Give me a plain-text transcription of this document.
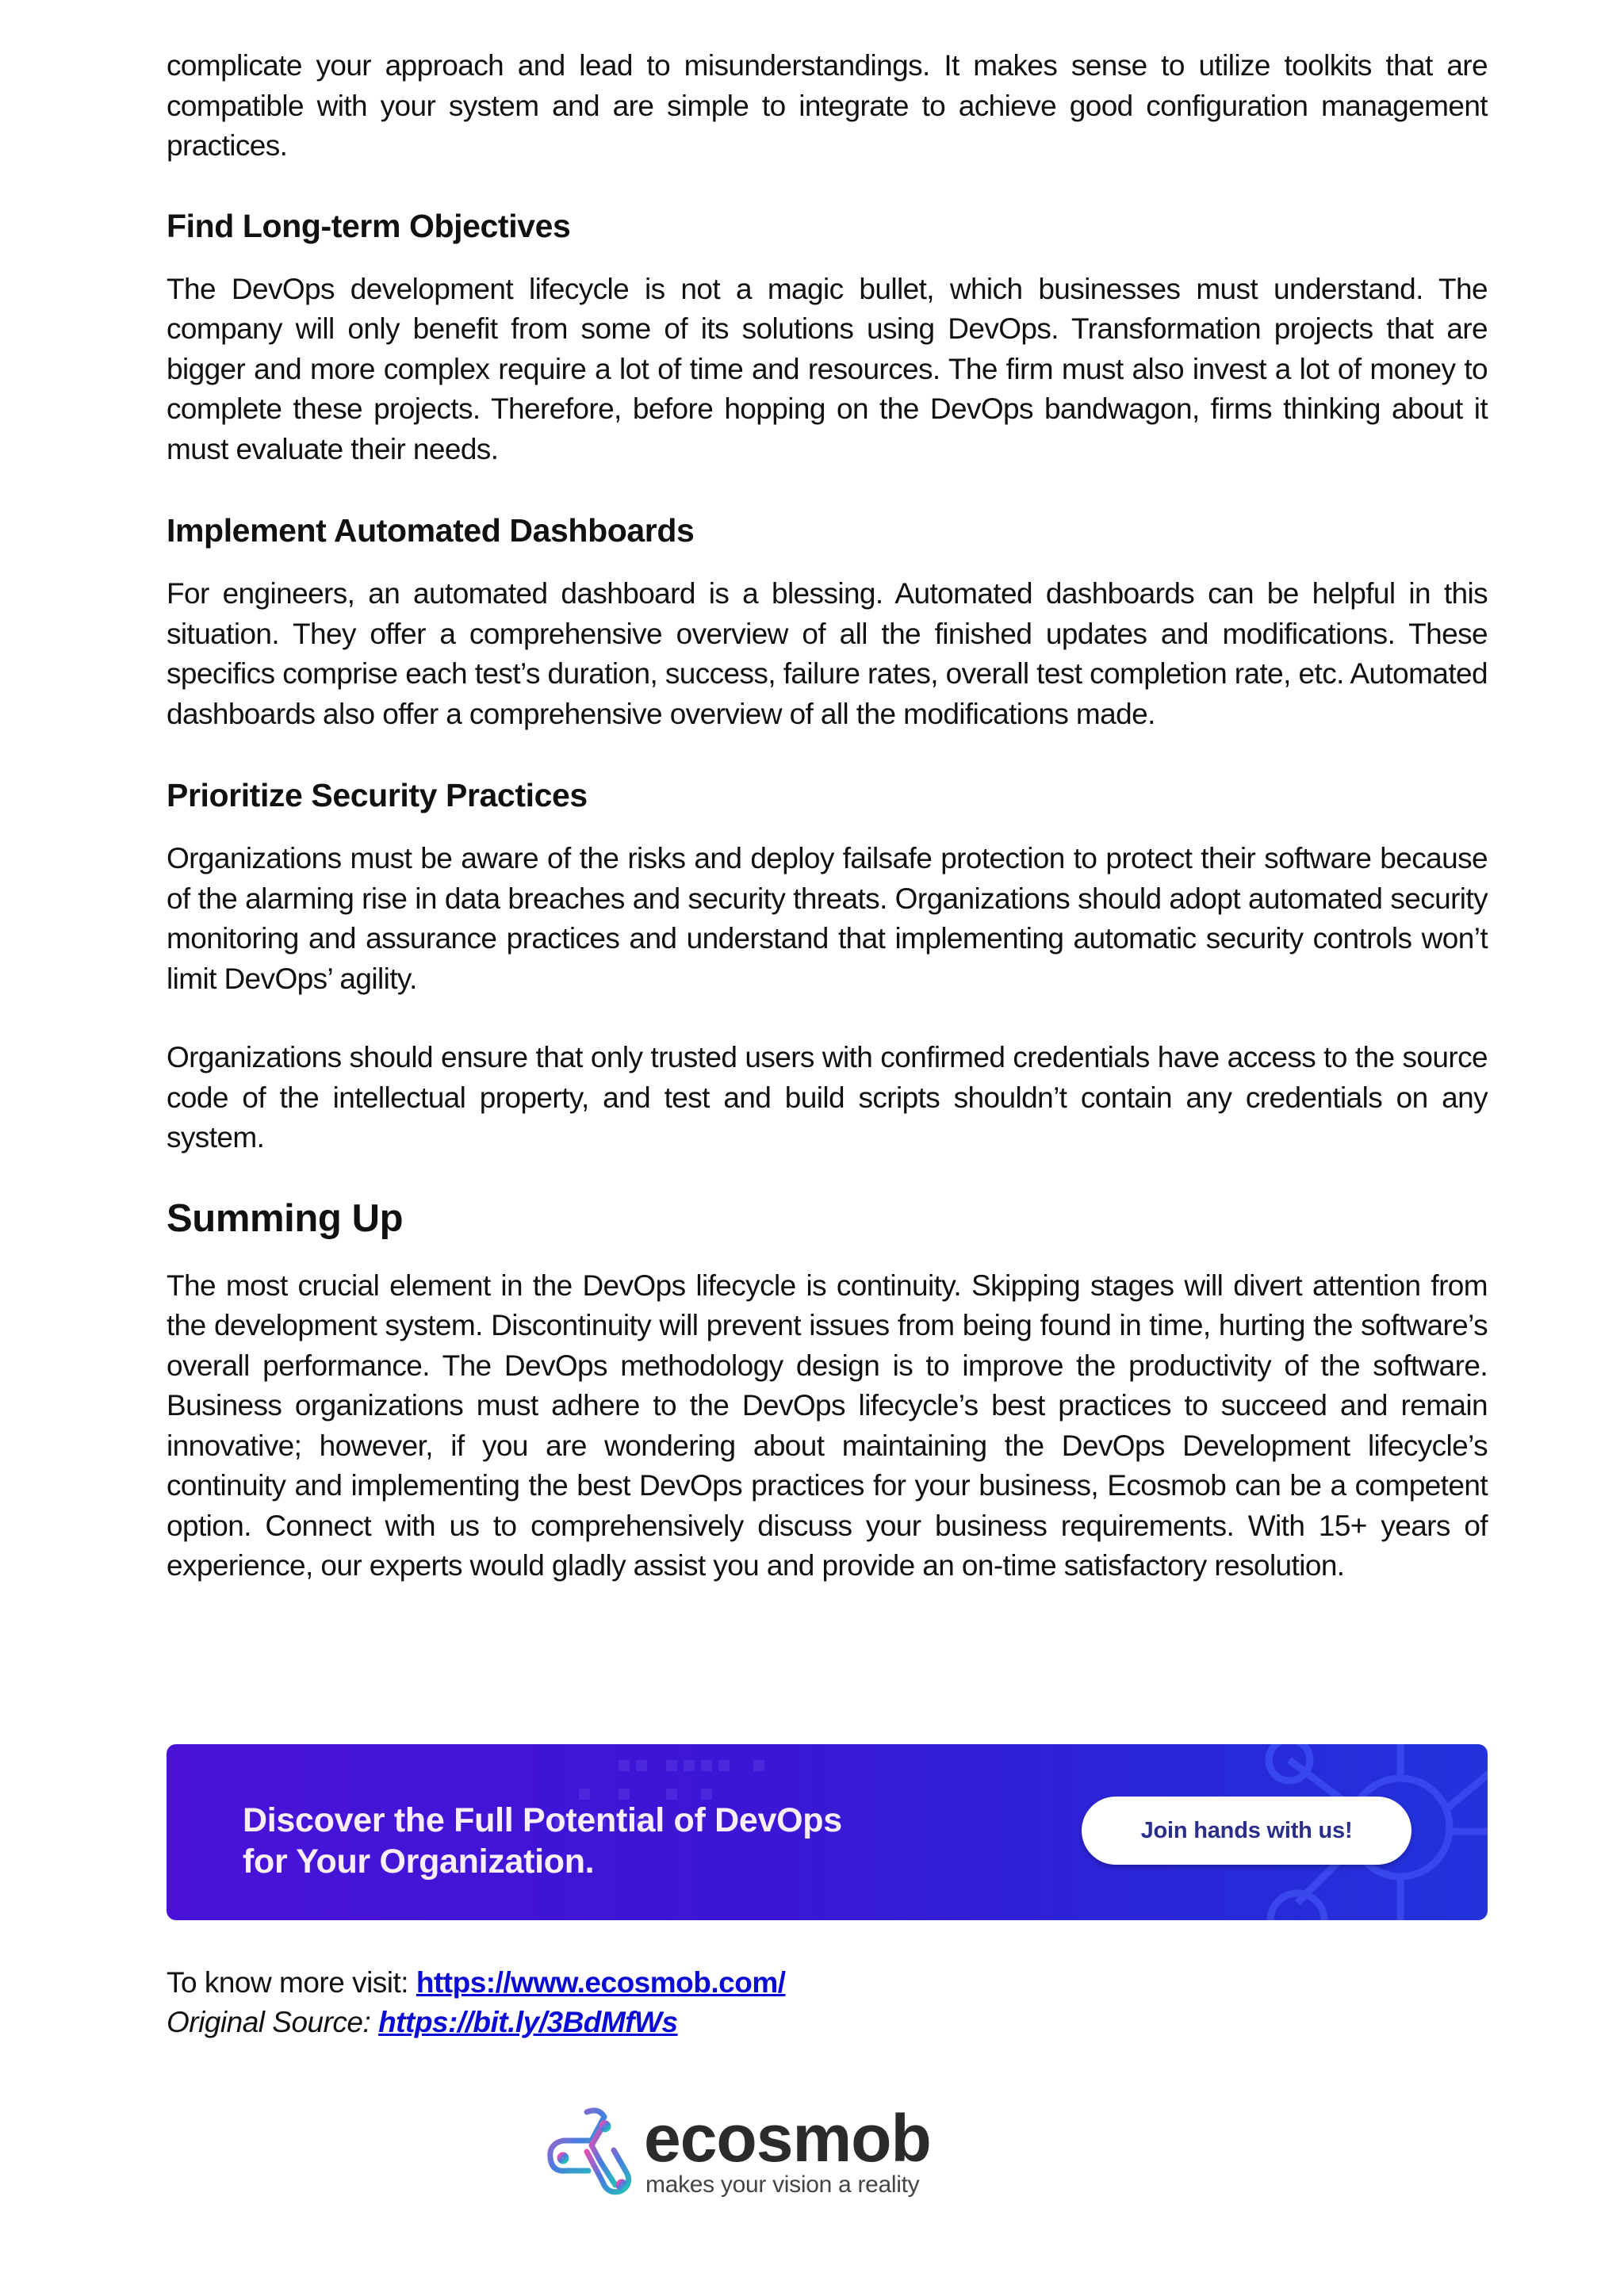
complicate your approach and lead to misunderstandings. It makes sense to utilize toolkits that are compatible with your system and are simple to integrate to achieve good configuration management practices.

Find Long-term Objectives

The DevOps development lifecycle is not a magic bullet, which businesses must understand. The company will only benefit from some of its solutions using DevOps. Transformation projects that are bigger and more complex require a lot of time and resources. The firm must also invest a lot of money to complete these projects. Therefore, before hopping on the DevOps bandwagon, firms thinking about it must evaluate their needs.

Implement Automated Dashboards

For engineers, an automated dashboard is a blessing. Automated dashboards can be helpful in this situation. They offer a comprehensive overview of all the finished updates and modifications. These specifics comprise each test’s duration, success, failure rates, overall test completion rate, etc. Automated dashboards also offer a comprehensive overview of all the modifications made.

Prioritize Security Practices

Organizations must be aware of the risks and deploy failsafe protection to protect their software because of the alarming rise in data breaches and security threats. Organizations should adopt automated security monitoring and assurance practices and understand that implementing automatic security controls won’t limit DevOps’ agility.

Organizations should ensure that only trusted users with confirmed credentials have access to the source code of the intellectual property, and test and build scripts shouldn’t contain any credentials on any system.

Summing Up

The most crucial element in the DevOps lifecycle is continuity. Skipping stages will divert attention from the development system. Discontinuity will prevent issues from being found in time, hurting the software’s overall performance. The DevOps methodology design is to improve the productivity of the software. Business organizations must adhere to the DevOps lifecycle’s best practices to succeed and remain innovative; however, if you are wondering about maintaining the DevOps Development lifecycle’s continuity and implementing the best DevOps practices for your business, Ecosmob can be a competent option. Connect with us to comprehensively discuss your business requirements. With 15+ years of experience, our experts would gladly assist you and provide an on-time satisfactory resolution.

Discover the Full Potential of DevOps
for Your Organization.
Join hands with us!
To know more visit: https://www.ecosmob.com/
Original Source: https://bit.ly/3BdMfWs
ecosmob
makes your vision a reality
